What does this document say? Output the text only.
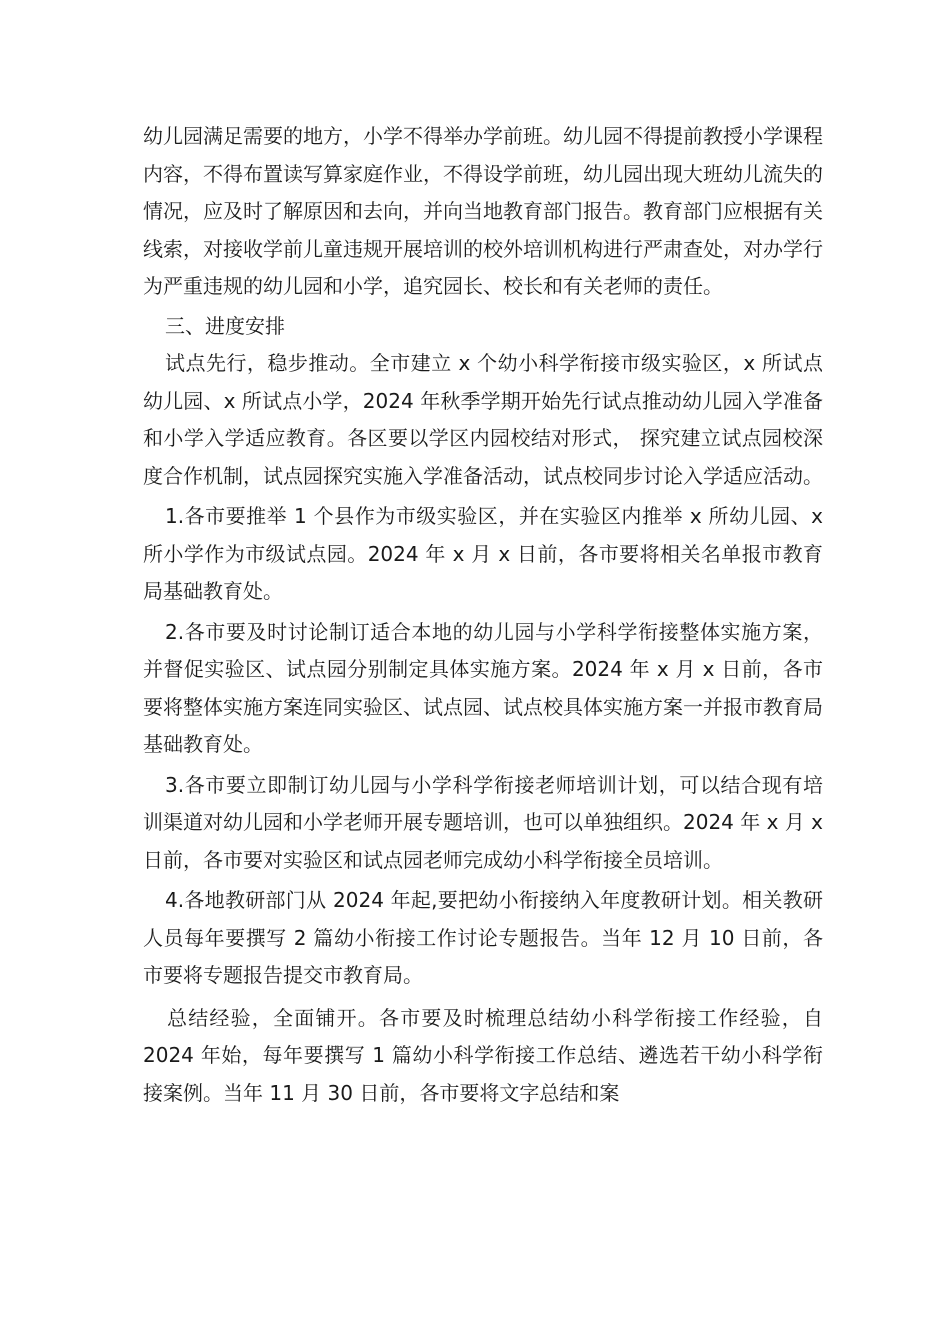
幼儿园满足需要的地方，小学不得举办学前班。幼儿园不得提前教授小学课程内容，不得布置读写算家庭作业，不得设学前班，幼儿园出现大班幼儿流失的情况，应及时了解原因和去向，并向当地教育部门报告。教育部门应根据有关线索，对接收学前儿童违规开展培训的校外培训机构进行严肃查处，对办学行为严重违规的幼儿园和小学，追究园长、校长和有关老师的责任。

三、进度安排

试点先行，稳步推动。全市建立 x 个幼小科学衔接市级实验区，x 所试点幼儿园、x 所试点小学，2024 年秋季学期开始先行试点推动幼儿园入学准备和小学入学适应教育。各区要以学区内园校结对形式， 探究建立试点园校深度合作机制，试点园探究实施入学准备活动，试点校同步讨论入学适应活动。

1.各市要推举 1 个县作为市级实验区，并在实验区内推举 x 所幼儿园、x 所小学作为市级试点园。2024 年 x 月 x 日前，各市要将相关名单报市教育局基础教育处。

2.各市要及时讨论制订适合本地的幼儿园与小学科学衔接整体实施方案，并督促实验区、试点园分别制定具体实施方案。2024 年 x 月 x 日前，各市要将整体实施方案连同实验区、试点园、试点校具体实施方案一并报市教育局基础教育处。

3.各市要立即制订幼儿园与小学科学衔接老师培训计划，可以结合现有培训渠道对幼儿园和小学老师开展专题培训，也可以单独组织。2024 年 x 月 x 日前，各市要对实验区和试点园老师完成幼小科学衔接全员培训。

4.各地教研部门从 2024 年起,要把幼小衔接纳入年度教研计划。相关教研人员每年要撰写 2 篇幼小衔接工作讨论专题报告。当年 12 月 10 日前，各市要将专题报告提交市教育局。

总结经验，全面铺开。各市要及时梳理总结幼小科学衔接工作经验，自 2024 年始，每年要撰写 1 篇幼小科学衔接工作总结、遴选若干幼小科学衔接案例。当年 11 月 30 日前，各市要将文字总结和案
